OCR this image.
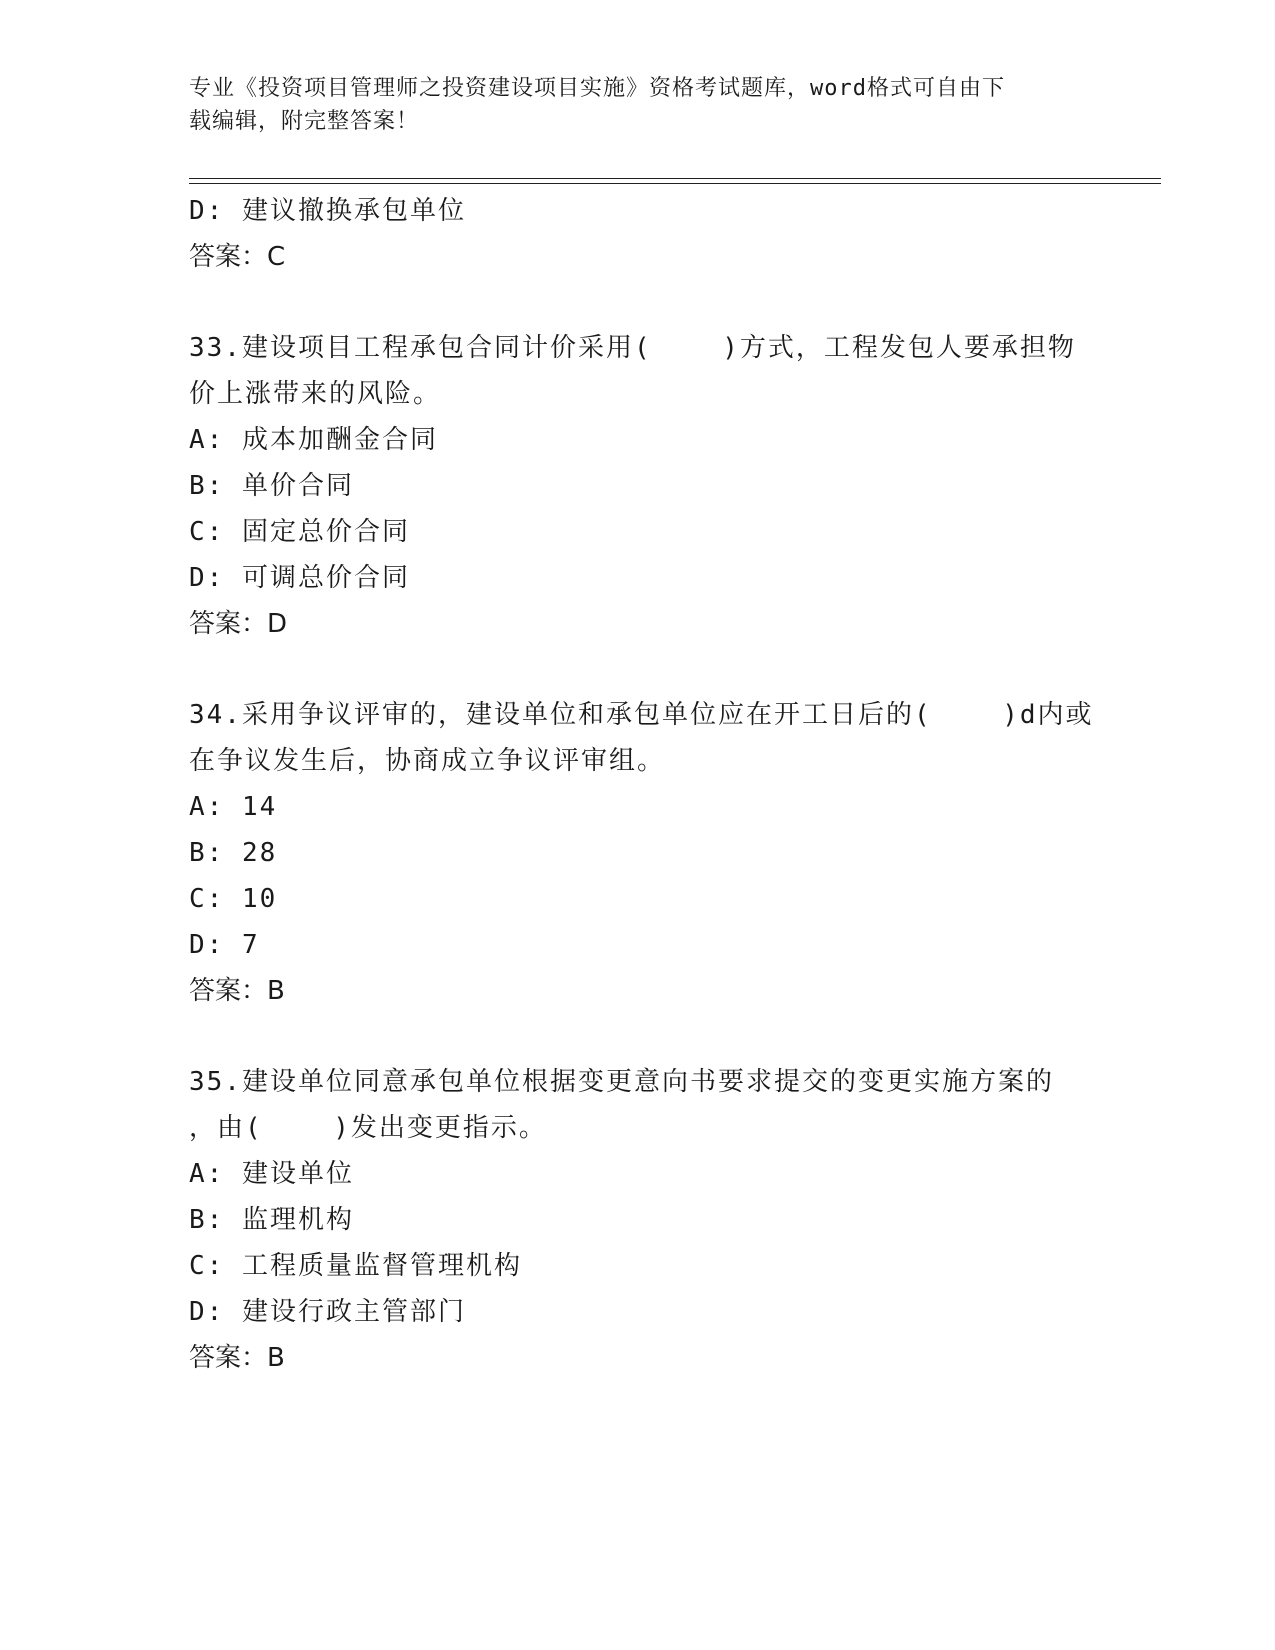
专业《投资项目管理师之投资建设项目实施》资格考试题库，word格式可自由下
载编辑，附完整答案！
D: 建议撤换承包单位
答案：C
33.建设项目工程承包合同计价采用(    )方式，工程发包人要承担物
价上涨带来的风险。
A: 成本加酬金合同
B: 单价合同
C: 固定总价合同
D: 可调总价合同
答案：D
34.采用争议评审的，建设单位和承包单位应在开工日后的(    )d内或
在争议发生后，协商成立争议评审组。
A: 14
B: 28
C: 10
D: 7
答案：B
35.建设单位同意承包单位根据变更意向书要求提交的变更实施方案的
，由(    )发出变更指示。
A: 建设单位
B: 监理机构
C: 工程质量监督管理机构
D: 建设行政主管部门
答案：B
